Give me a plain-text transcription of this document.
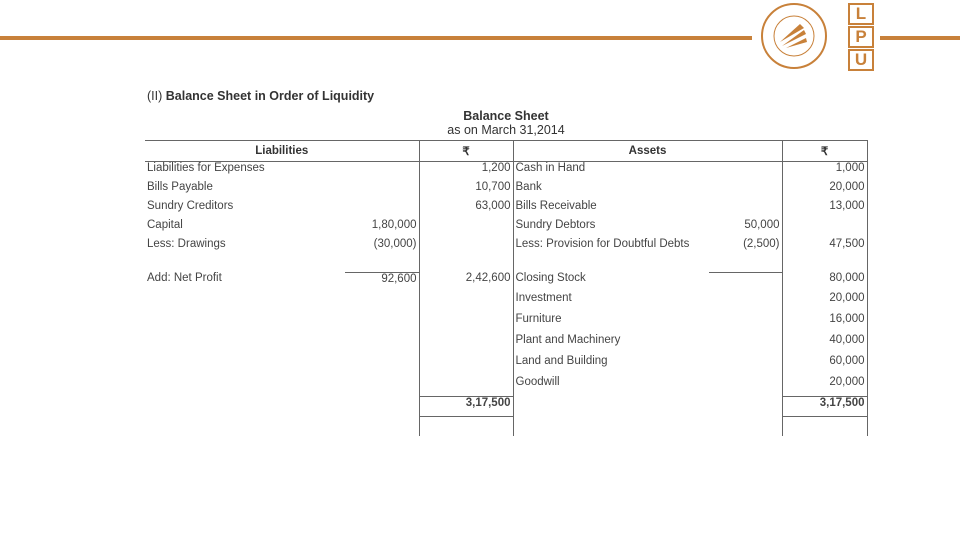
L
P
U
(II) Balance Sheet in Order of Liquidity
Balance Sheet
as on March 31,2014
Liabilities		₹	Assets		₹
Liabilities for Expenses		1,200	Cash in Hand		1,000
Bills Payable		10,700	Bank		20,000
Sundry Creditors		63,000	Bills Receivable		13,000
Capital	1,80,000		Sundry Debtors	50,000	
Less: Drawings	(30,000)		Less: Provision for Doubtful Debts	(2,500)	47,500
Add: Net Profit	92,600	2,42,600	Closing Stock		80,000
			Investment		20,000
			Furniture		16,000
			Plant and Machinery		40,000
			Land and Building		60,000
			Goodwill		20,000
		3,17,500			3,17,500
